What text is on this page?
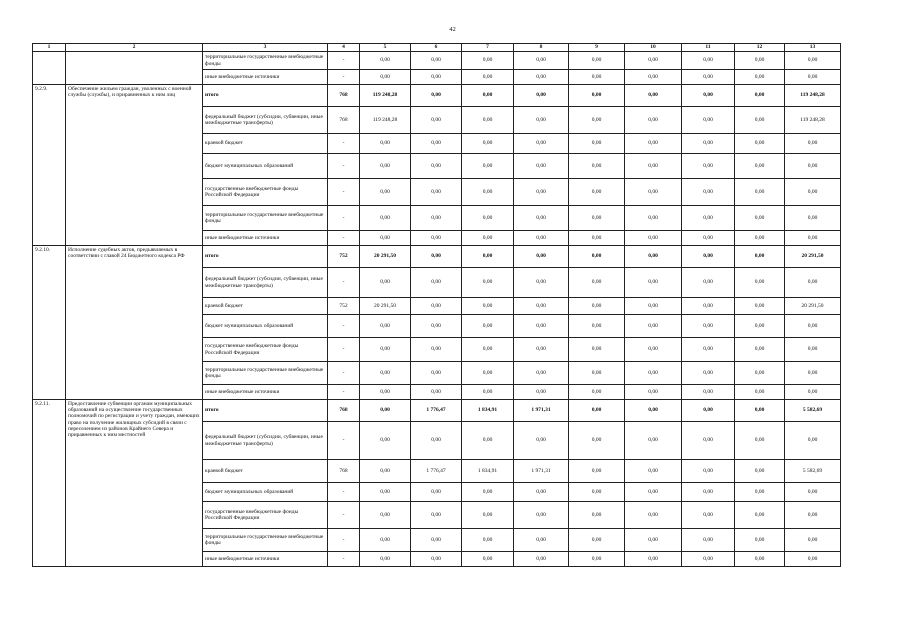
42
1	2	3	4	5	6	7	8	9	10	11	12	13
		территориальные государственные внебюджетные фонды	-	0,00	0,00	0,00	0,00	0,00	0,00	0,00	0,00	0,00
		иные внебюджетные источники	-	0,00	0,00	0,00	0,00	0,00	0,00	0,00	0,00	0,00
9.2.9.	Обеспечение жильем граждан, уволенных с военной службы (службы), и приравненных к ним лиц	итого	768	119 248,28	0,00	0,00	0,00	0,00	0,00	0,00	0,00	119 248,28
		федеральный бюджет (субсидии, субвенции, иные межбюджетные трансферты)	768	119 248,28	0,00	0,00	0,00	0,00	0,00	0,00	0,00	119 248,28
		краевой бюджет	-	0,00	0,00	0,00	0,00	0,00	0,00	0,00	0,00	0,00
		бюджет муниципальных образований	-	0,00	0,00	0,00	0,00	0,00	0,00	0,00	0,00	0,00
		государственные внебюджетные фонды Российской Федерации	-	0,00	0,00	0,00	0,00	0,00	0,00	0,00	0,00	0,00
		территориальные государственные внебюджетные фонды	-	0,00	0,00	0,00	0,00	0,00	0,00	0,00	0,00	0,00
		иные внебюджетные источники	-	0,00	0,00	0,00	0,00	0,00	0,00	0,00	0,00	0,00
9.2.10.	Исполнение судебных актов, предъявляемых в соответствии с главой 24 Бюджетного кодекса РФ	итого	752	20 291,50	0,00	0,00	0,00	0,00	0,00	0,00	0,00	20 291,50
		федеральный бюджет (субсидии, субвенции, иные межбюджетные трансферты)	-	0,00	0,00	0,00	0,00	0,00	0,00	0,00	0,00	0,00
		краевой бюджет	752	20 291,50	0,00	0,00	0,00	0,00	0,00	0,00	0,00	20 291,50
		бюджет муниципальных образований	-	0,00	0,00	0,00	0,00	0,00	0,00	0,00	0,00	0,00
		государственные внебюджетные фонды Российской Федерации	-	0,00	0,00	0,00	0,00	0,00	0,00	0,00	0,00	0,00
		территориальные государственные внебюджетные фонды	-	0,00	0,00	0,00	0,00	0,00	0,00	0,00	0,00	0,00
		иные внебюджетные источники	-	0,00	0,00	0,00	0,00	0,00	0,00	0,00	0,00	0,00
9.2.11.	Предоставление субвенции органам муниципальных образований на осуществление государственных полномочий по регистрации и учету граждан, имеющих право на получение жилищных субсидий в связи с переселением из районов Крайнего Севера и приравненных к ним местностей	итого	768	0,00	1 776,47	1 834,91	1 971,31	0,00	0,00	0,00	0,00	5 582,69
		федеральный бюджет (субсидии, субвенции, иные межбюджетные трансферты)	-	0,00	0,00	0,00	0,00	0,00	0,00	0,00	0,00	0,00
		краевой бюджет	768	0,00	1 776,47	1 834,91	1 971,31	0,00	0,00	0,00	0,00	5 582,69
		бюджет муниципальных образований	-	0,00	0,00	0,00	0,00	0,00	0,00	0,00	0,00	0,00
		государственные внебюджетные фонды Российской Федерации	-	0,00	0,00	0,00	0,00	0,00	0,00	0,00	0,00	0,00
		территориальные государственные внебюджетные фонды	-	0,00	0,00	0,00	0,00	0,00	0,00	0,00	0,00	0,00
		иные внебюджетные источники	-	0,00	0,00	0,00	0,00	0,00	0,00	0,00	0,00	0,00
